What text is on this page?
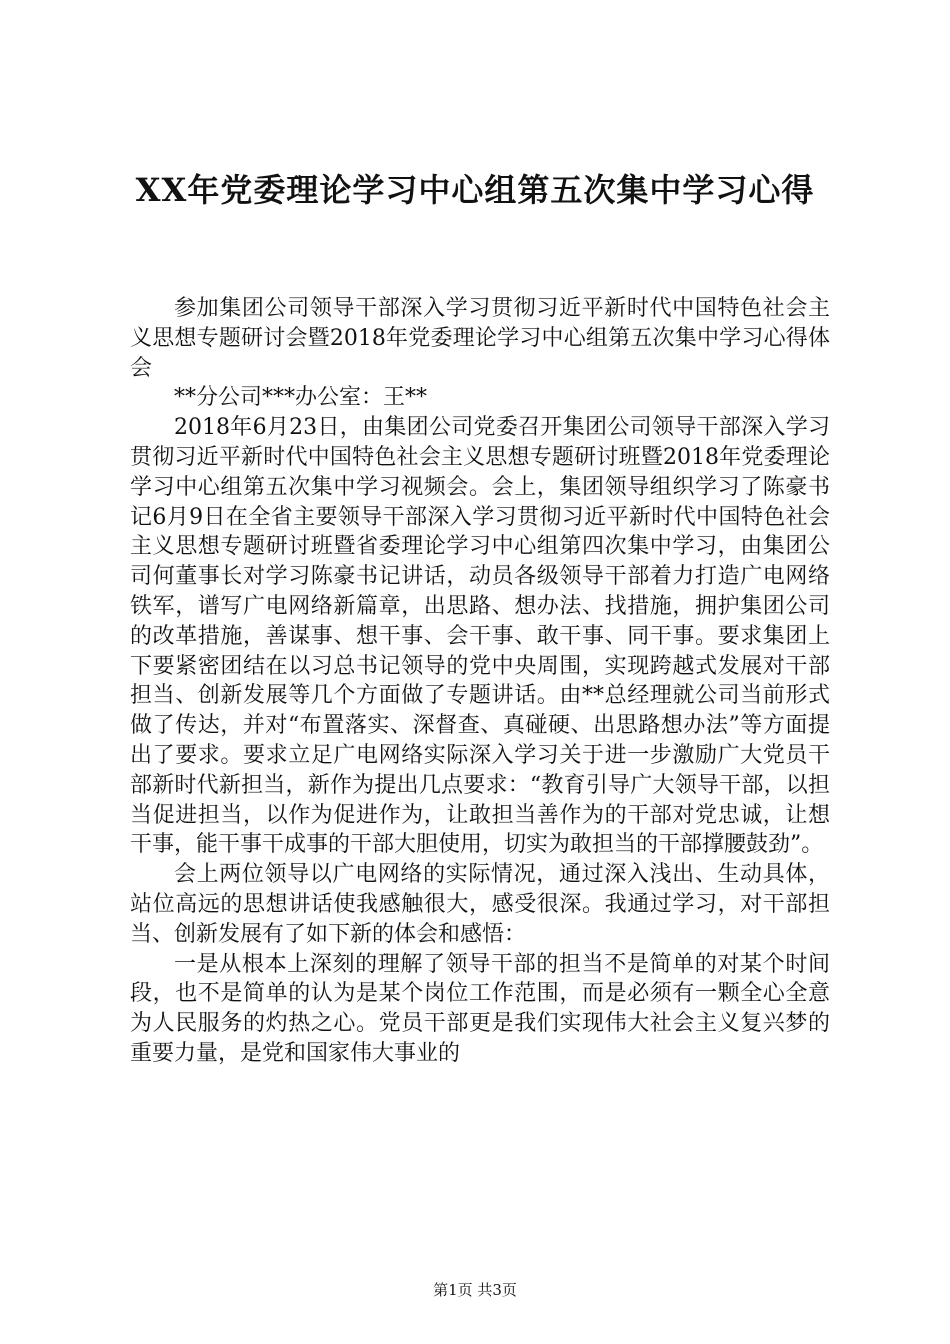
XX年党委理论学习中心组第五次集中学习心得

参加集团公司领导干部深入学习贯彻习近平新时代中国特色社会主义思想专题研讨会暨2018年党委理论学习中心组第五次集中学习心得体会

**分公司***办公室：王**

2018年6月23日，由集团公司党委召开集团公司领导干部深入学习贯彻习近平新时代中国特色社会主义思想专题研讨班暨2018年党委理论学习中心组第五次集中学习视频会。会上，集团领导组织学习了陈豪书记6月9日在全省主要领导干部深入学习贯彻习近平新时代中国特色社会主义思想专题研讨班暨省委理论学习中心组第四次集中学习，由集团公司何董事长对学习陈豪书记讲话，动员各级领导干部着力打造广电网络铁军，谱写广电网络新篇章，出思路、想办法、找措施，拥护集团公司的改革措施，善谋事、想干事、会干事、敢干事、同干事。要求集团上下要紧密团结在以习总书记领导的党中央周围，实现跨越式发展对干部担当、创新发展等几个方面做了专题讲话。由**总经理就公司当前形式做了传达，并对“布置落实、深督查、真碰硬、出思路想办法”等方面提出了要求。要求立足广电网络实际深入学习关于进一步激励广大党员干部新时代新担当，新作为提出几点要求：“教育引导广大领导干部，以担当促进担当，以作为促进作为，让敢担当善作为的干部对党忠诚，让想干事，能干事干成事的干部大胆使用，切实为敢担当的干部撑腰鼓劲”。

会上两位领导以广电网络的实际情况，通过深入浅出、生动具体，站位高远的思想讲话使我感触很大，感受很深。我通过学习，对干部担当、创新发展有了如下新的体会和感悟：

一是从根本上深刻的理解了领导干部的担当不是简单的对某个时间段，也不是简单的认为是某个岗位工作范围，而是必须有一颗全心全意为人民服务的灼热之心。党员干部更是我们实现伟大社会主义复兴梦的重要力量，是党和国家伟大事业的

第1页 共3页
